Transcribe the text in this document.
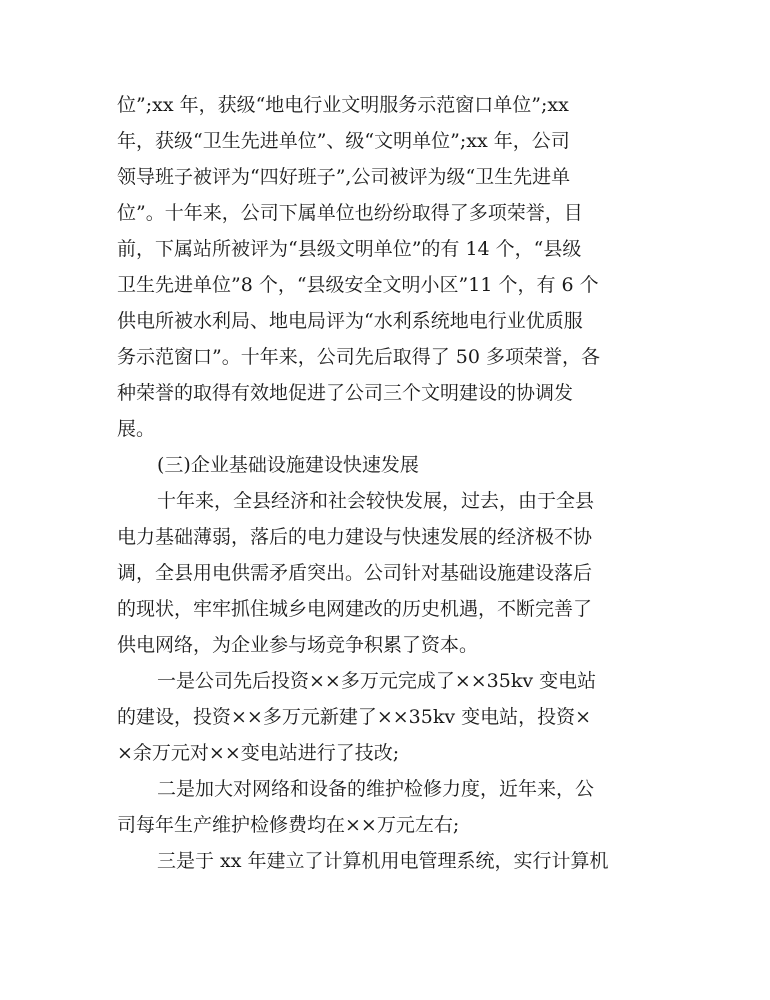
位”;xx 年，获级“地电行业文明服务示范窗口单位”;xx
年，获级“卫生先进单位”、级“文明单位”;xx 年，公司
领导班子被评为“四好班子”,公司被评为级“卫生先进单
位”。十年来，公司下属单位也纷纷取得了多项荣誉，目
前，下属站所被评为“县级文明单位”的有 14 个，“县级
卫生先进单位”8 个，“县级安全文明小区”11 个，有 6 个
供电所被水利局、地电局评为“水利系统地电行业优质服
务示范窗口”。十年来，公司先后取得了 50 多项荣誉，各
种荣誉的取得有效地促进了公司三个文明建设的协调发
展。
(三)企业基础设施建设快速发展
十年来，全县经济和社会较快发展，过去，由于全县
电力基础薄弱，落后的电力建设与快速发展的经济极不协
调，全县用电供需矛盾突出。公司针对基础设施建设落后
的现状，牢牢抓住城乡电网建改的历史机遇，不断完善了
供电网络，为企业参与场竞争积累了资本。
一是公司先后投资××多万元完成了××35kv 变电站
的建设，投资××多万元新建了××35kv 变电站，投资×
×余万元对××变电站进行了技改;
二是加大对网络和设备的维护检修力度，近年来，公
司每年生产维护检修费均在××万元左右;
三是于 xx 年建立了计算机用电管理系统，实行计算机
